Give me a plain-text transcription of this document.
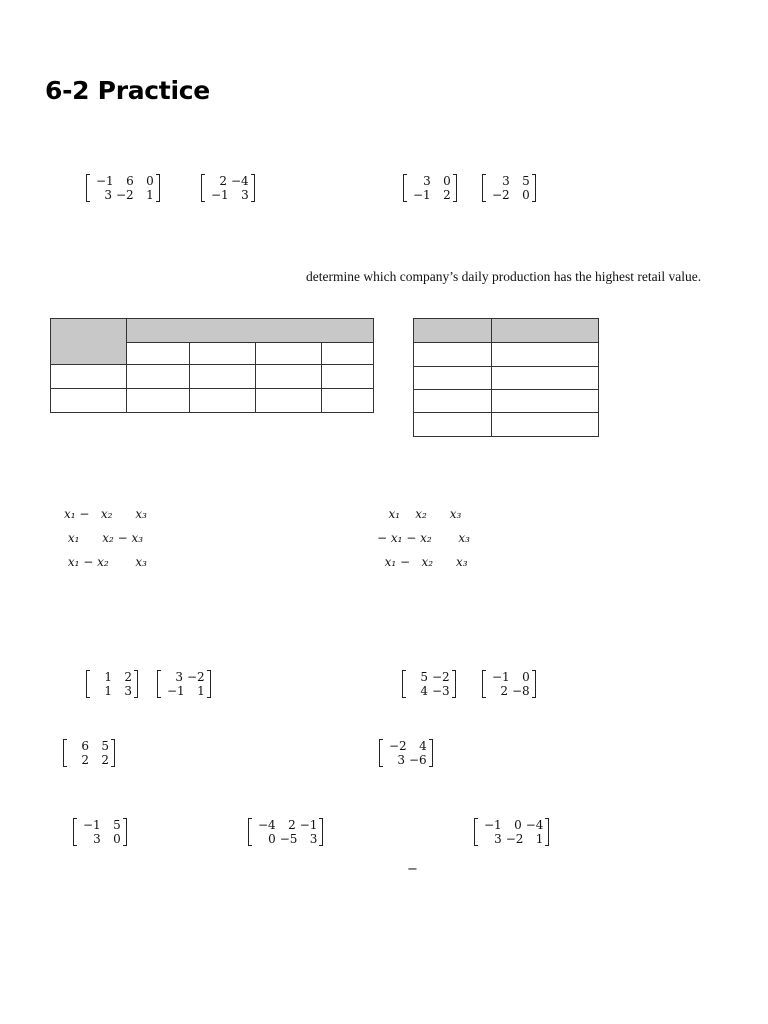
6-2 Practice
−1	6	0
3 −2	1
2 −4
−1	3
3	0
−1	2
3	5
−2	0
determine which company’s daily production has the highest retail value.

x₁ −   x₂      x₃
x₁      x₂ − x₃
x₁ − x₂       x₃
x₁    x₂      x₃
− x₁ − x₂       x₃
x₁ −   x₂      x₃
1	2
1	3
3 −2
−1	1
5 −2
4 −3
−1	0
2 −8
6	5
2	2
−2	4
3 −6
−1	5
3	0
−4	2 −1
0 −5	3
−1	0 −4
3 −2	1
−
